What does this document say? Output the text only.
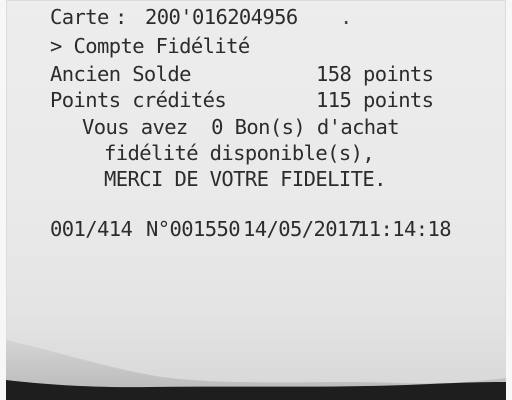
Carte : 200'016204956 .
> Compte Fidélité
Ancien Solde	158 points
Points crédités	115 points
Vous avez  0 Bon(s) d'achat
fidélité disponible(s),
MERCI DE VOTRE FIDELITE.
001/414 N°001550 14/05/2017
11:14:18
